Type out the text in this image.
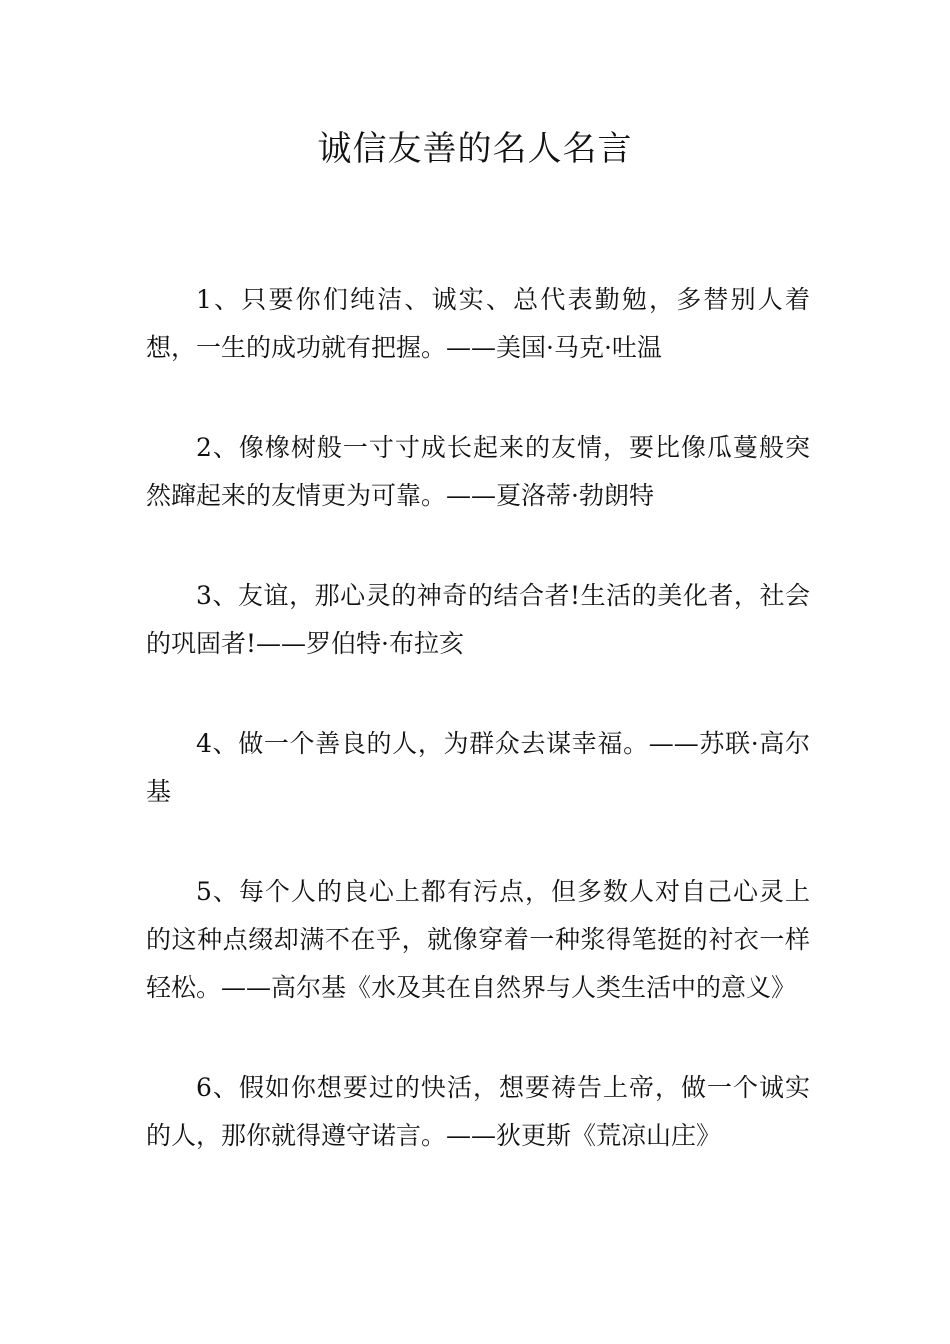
诚信友善的名人名言

1、只要你们纯洁、诚实、总代表勤勉，多替别人着想，一生的成功就有把握。——美国·马克·吐温

2、像橡树般一寸寸成长起来的友情，要比像瓜蔓般突然蹿起来的友情更为可靠。——夏洛蒂·勃朗特

3、友谊，那心灵的神奇的结合者!生活的美化者，社会的巩固者!——罗伯特·布拉亥

4、做一个善良的人，为群众去谋幸福。——苏联·高尔基

5、每个人的良心上都有污点，但多数人对自己心灵上的这种点缀却满不在乎，就像穿着一种浆得笔挺的衬衣一样轻松。——高尔基《水及其在自然界与人类生活中的意义》

6、假如你想要过的快活，想要祷告上帝，做一个诚实的人，那你就得遵守诺言。——狄更斯《荒凉山庄》
